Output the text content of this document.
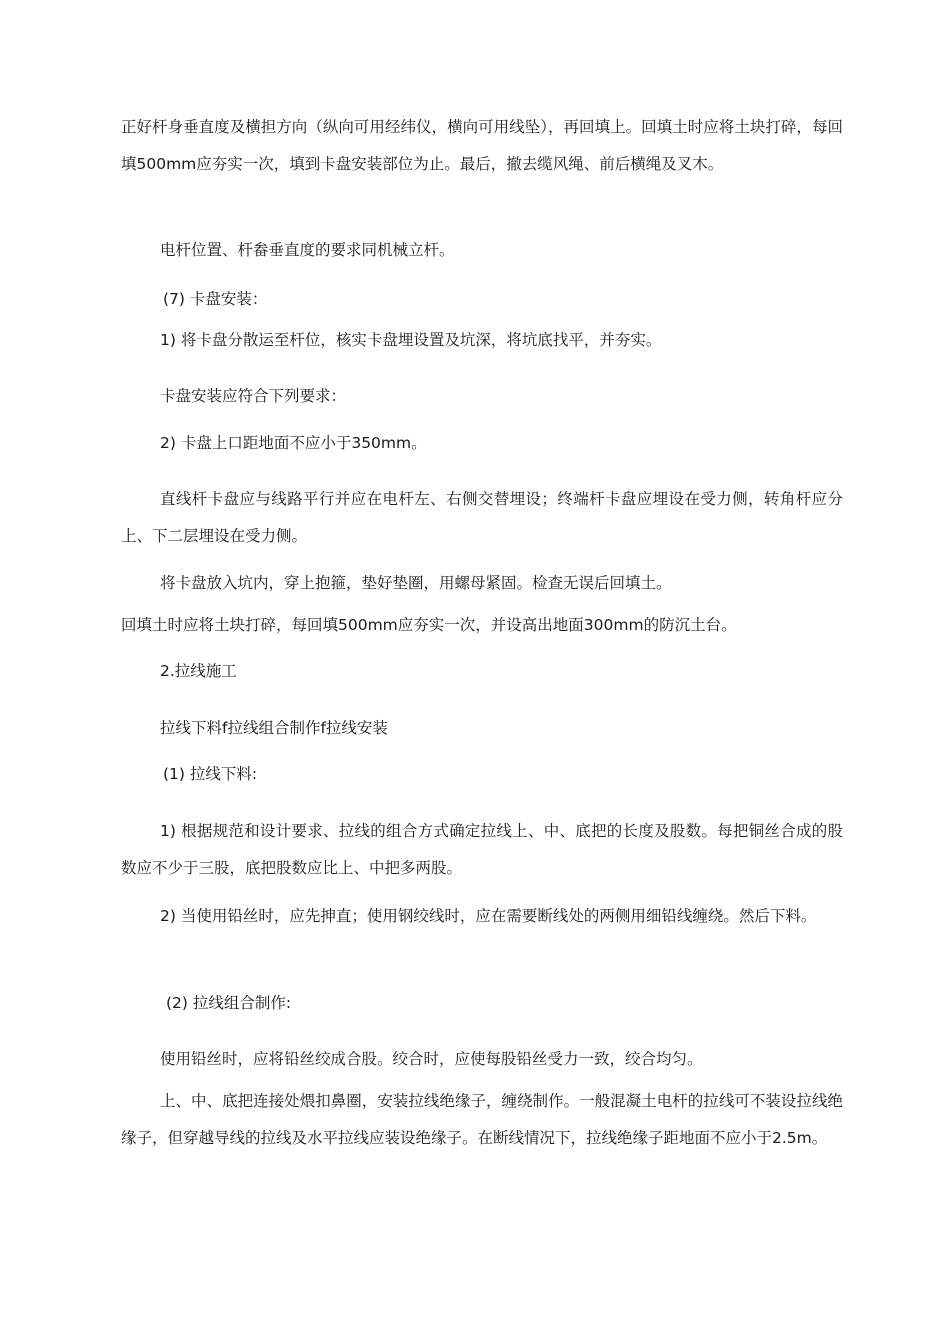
正好杆身垂直度及横担方向（纵向可用经纬仪，横向可用线坠），再回填上。回填土时应将土块打碎，每回填500mm应夯实一次，填到卡盘安装部位为止。最后，撤去缆风绳、前后横绳及叉木。

电杆位置、杆畚垂直度的要求同机械立杆。

(7) 卡盘安装：

1) 将卡盘分散运至杆位，核实卡盘埋设置及坑深，将坑底找平，并夯实。

卡盘安装应符合下列要求：

2) 卡盘上口距地面不应小于350mm。

直线杆卡盘应与线路平行并应在电杆左、右侧交替埋设；终端杆卡盘应埋设在受力侧，转角杆应分上、下二层埋设在受力侧。

将卡盘放入坑内，穿上抱箍，垫好垫圈，用螺母紧固。检查无误后回填土。

回填土时应将土块打碎，每回填500mm应夯实一次，并设高出地面300mm的防沉土台。

2.拉线施工

拉线下料f拉线组合制作f拉线安装

(1) 拉线下料:

1) 根据规范和设计要求、拉线的组合方式确定拉线上、中、底把的长度及股数。每把铜丝合成的股数应不少于三股，底把股数应比上、中把多两股。

2) 当使用铅丝时，应先抻直；使用钢绞线时，应在需要断线处的两侧用细铅线缠绕。然后下料。

(2) 拉线组合制作:

使用铅丝时，应将铅丝绞成合股。绞合时，应使每股铅丝受力一致，绞合均匀。

上、中、底把连接处煨扣鼻圈，安装拉线绝缘子，缠绕制作。一般混凝土电杆的拉线可不装设拉线绝缘子，但穿越导线的拉线及水平拉线应装设绝缘子。在断线情况下，拉线绝缘子距地面不应小于2.5m。
